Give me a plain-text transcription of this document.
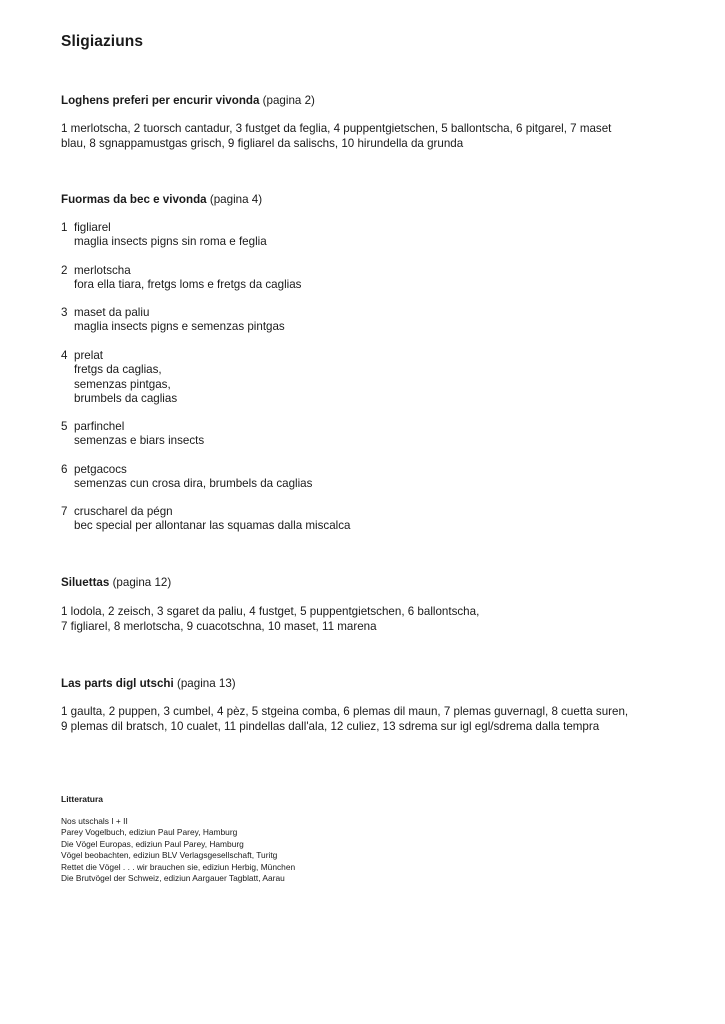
Sligiaziuns
Loghens preferi per encurir vivonda (pagina 2)

1 merlotscha, 2 tuorsch cantadur, 3 fustget da feglia, 4 puppentgietschen, 5 ballontscha, 6 pitgarel, 7 maset
blau, 8 sgnappamustgas grisch, 9 figliarel da salischs, 10 hirundella da grunda

Fuormas da bec e vivonda (pagina 4)
1 figliarel
maglia insects pigns sin roma e feglia
2 merlotscha
fora ella tiara, fretgs loms e fretgs da caglias
3 maset da paliu
maglia insects pigns e semenzas pintgas
4 prelat
fretgs da caglias,
semenzas pintgas,
brumbels da caglias
5 parfinchel
semenzas e biars insects
6 petgacocs
semenzas cun crosa dira, brumbels da caglias
7 cruscharel da pégn
bec special per allontanar las squamas dalla miscalca
Siluettas (pagina 12)

1 lodola, 2 zeisch, 3 sgaret da paliu, 4 fustget, 5 puppentgietschen, 6 ballontscha,
7 figliarel, 8 merlotscha, 9 cuacotschna, 10 maset, 11 marena

Las parts digl utschi (pagina 13)

1 gaulta, 2 puppen, 3 cumbel, 4 pèz, 5 stgeina comba, 6 plemas dil maun, 7 plemas guvernagl, 8 cuetta suren,
9 plemas dil bratsch, 10 cualet, 11 pindellas dall'ala, 12 culiez, 13 sdrema sur igl egl/sdrema dalla tempra

Litteratura
Nos utschals I + II
Parey Vogelbuch, ediziun Paul Parey, Hamburg
Die Vögel Europas, ediziun Paul Parey, Hamburg
Vögel beobachten, ediziun BLV Verlagsgesellschaft, Turitg
Rettet die Vögel . . . wir brauchen sie, ediziun Herbig, München
Die Brutvögel der Schweiz, ediziun Aargauer Tagblatt, Aarau
